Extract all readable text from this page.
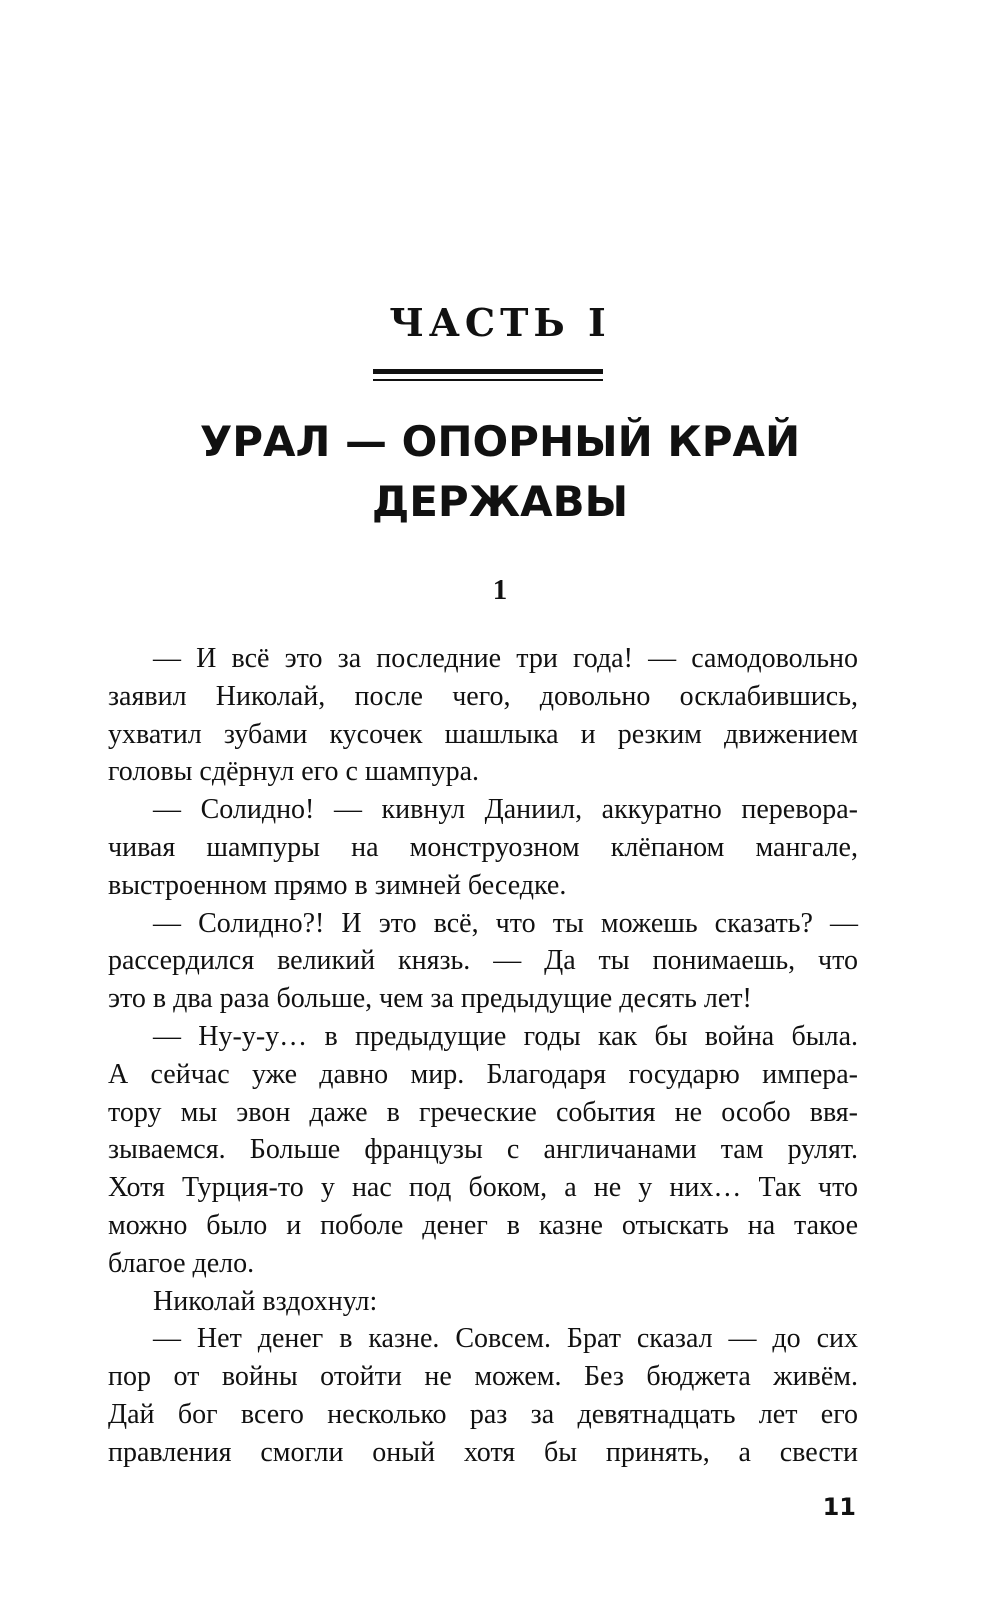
ЧАСТЬ I
УРАЛ — ОПОРНЫЙ КРАЙ
ДЕРЖАВЫ
1
— И всё это за последние три года! — самодовольно
заявил Николай, после чего, довольно осклабившись,
ухватил зубами кусочек шашлыка и резким движением
головы сдёрнул его с шампура.
— Солидно! — кивнул Даниил, аккуратно перевора-
чивая шампуры на монструозном клёпаном мангале,
выстроенном прямо в зимней беседке.
— Солидно?! И это всё, что ты можешь сказать? —
рассердился великий князь. — Да ты понимаешь, что
это в два раза больше, чем за предыдущие десять лет!
— Ну-у-у… в предыдущие годы как бы война была.
А сейчас уже давно мир. Благодаря государю импера-
тору мы эвон даже в греческие события не особо ввя-
зываемся. Больше французы с англичанами там рулят.
Хотя Турция-то у нас под боком, а не у них… Так что
можно было и поболе денег в казне отыскать на такое
благое дело.
Николай вздохнул:
— Нет денег в казне. Совсем. Брат сказал — до сих
пор от войны отойти не можем. Без бюджета живём.
Дай бог всего несколько раз за девятнадцать лет его
правления смогли оный хотя бы принять, а свести
11
